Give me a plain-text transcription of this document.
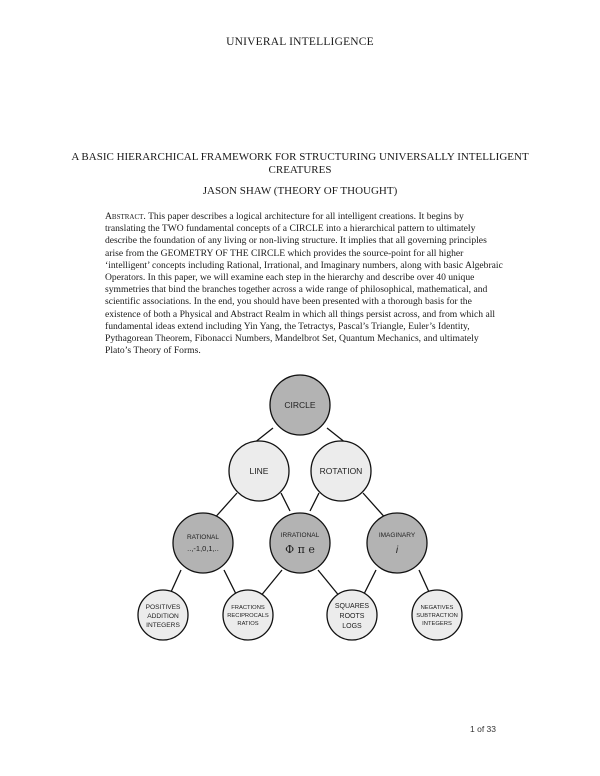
UNIVERAL INTELLIGENCE
A BASIC HIERARCHICAL FRAMEWORK FOR STRUCTURING UNIVERSALLY INTELLIGENT CREATURES
JASON SHAW (THEORY OF THOUGHT)

Abstract. This paper describes a logical architecture for all intelligent creations. It begins by translating the TWO fundamental concepts of a CIRCLE into a hierarchical pattern to ultimately describe the foundation of any living or non-living structure. It implies that all governing principles arise from the GEOMETRY OF THE CIRCLE which provides the source-point for all higher ‘intelligent’ concepts including Rational, Irrational, and Imaginary numbers, along with basic Algebraic Operators. In this paper, we will examine each step in the hierarchy and describe over 40 unique symmetries that bind the branches together across a wide range of philosophical, mathematical, and scientific associations. In the end, you should have been presented with a thorough basis for the existence of both a Physical and Abstract Realm in which all things persist across, and from which all fundamental ideas extend including Yin Yang, the Tetractys, Pascal’s Triangle, Euler’s Identity, Pythagorean Theorem, Fibonacci Numbers, Mandelbrot Set, Quantum Mechanics, and ultimately Plato’s Theory of Forms.

CIRCLE
LINE	ROTATION
RATIONAL
..,-1,0,1,..
IRRATIONAL
Φ π e
IMAGINARY
i
POSITIVES
ADDITION
INTEGERS
FRACTIONS
RECIPROCALS
RATIOS
SQUARES
ROOTS
LOGS
NEGATIVES
SUBTRACTION
INTEGERS
1 of 33
